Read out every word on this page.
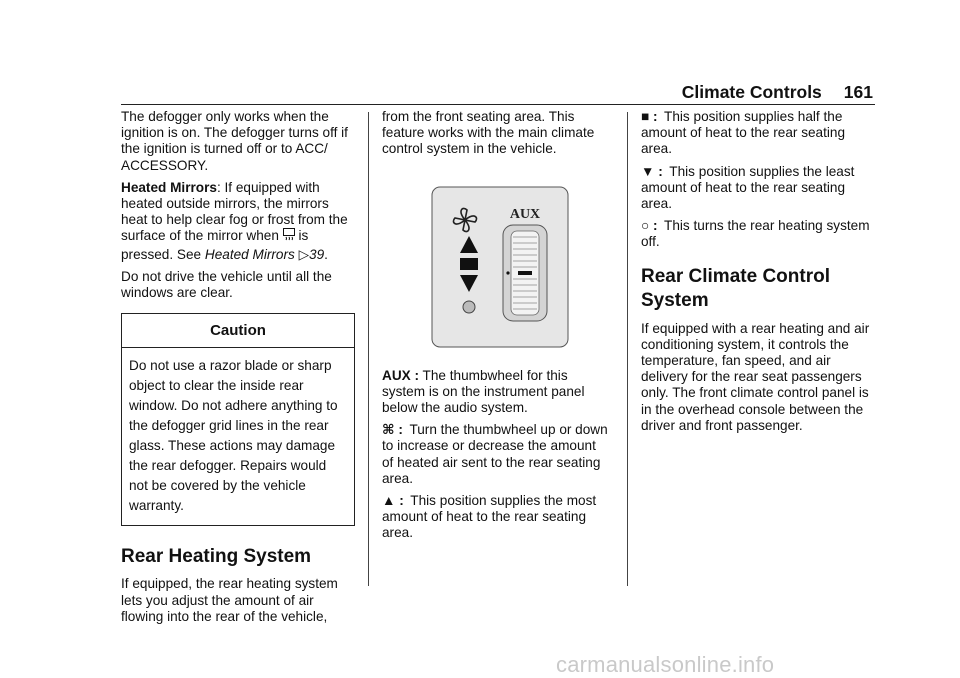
Climate Controls 161

The defogger only works when the ignition is on. The defogger turns off if the ignition is turned off or to ACC/ ACCESSORY.

Heated Mirrors: If equipped with heated outside mirrors, the mirrors heat to help clear fog or frost from the surface of the mirror when is pressed. See Heated Mirrors ▷39.

Do not drive the vehicle until all the windows are clear.

Caution
Do not use a razor blade or sharp object to clear the inside rear window. Do not adhere anything to the defogger grid lines in the rear glass. These actions may damage the rear defogger. Repairs would not be covered by the vehicle warranty.
Rear Heating System

If equipped, the rear heating system lets you adjust the amount of air flowing into the rear of the vehicle,

from the front seating area. This feature works with the main climate control system in the vehicle.

AUX

AUX : The thumbwheel for this system is on the instrument panel below the audio system.

⌘ : Turn the thumbwheel up or down to increase or decrease the amount of heated air sent to the rear seating area.

▲ : This position supplies the most amount of heat to the rear seating area.

■ : This position supplies half the amount of heat to the rear seating area.

▼ : This position supplies the least amount of heat to the rear seating area.

○ : This turns the rear heating system off.

Rear Climate Control System

If equipped with a rear heating and air conditioning system, it controls the temperature, fan speed, and air delivery for the rear seat passengers only. The front climate control panel is in the overhead console between the driver and front passenger.

carmanualsonline.info
